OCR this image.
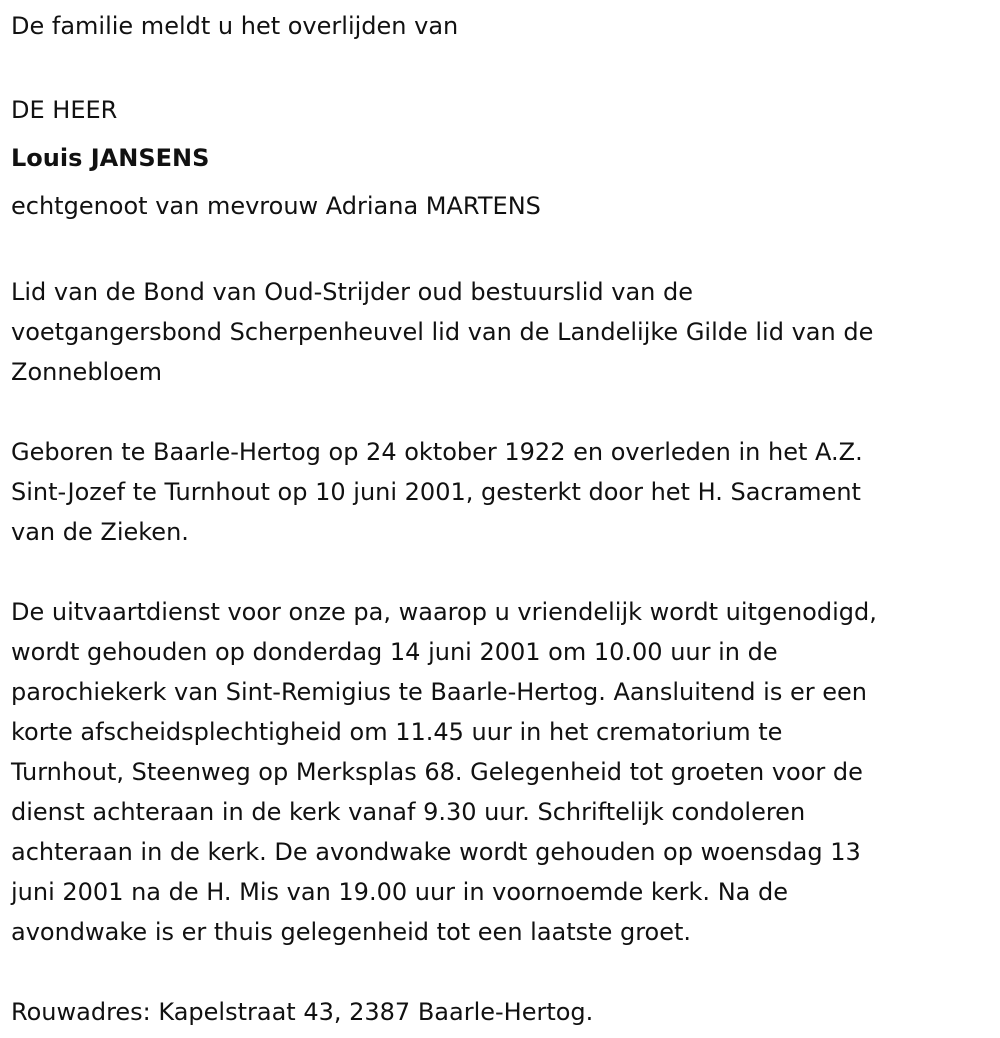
De familie meldt u het overlijden van

DE HEER

Louis JANSENS

echtgenoot van mevrouw Adriana MARTENS

Lid van de Bond van Oud-Strijder oud bestuurslid van de

voetgangersbond Scherpenheuvel lid van de Landelijke Gilde lid van de

Zonnebloem

Geboren te Baarle-Hertog op 24 oktober 1922 en overleden in het A.Z.

Sint-Jozef te Turnhout op 10 juni 2001, gesterkt door het H. Sacrament

van de Zieken.

De uitvaartdienst voor onze pa, waarop u vriendelijk wordt uitgenodigd,

wordt gehouden op donderdag 14 juni 2001 om 10.00 uur in de

parochiekerk van Sint-Remigius te Baarle-Hertog. Aansluitend is er een

korte afscheidsplechtigheid om 11.45 uur in het crematorium te

Turnhout, Steenweg op Merksplas 68. Gelegenheid tot groeten voor de

dienst achteraan in de kerk vanaf 9.30 uur. Schriftelijk condoleren

achteraan in de kerk. De avondwake wordt gehouden op woensdag 13

juni 2001 na de H. Mis van 19.00 uur in voornoemde kerk. Na de

avondwake is er thuis gelegenheid tot een laatste groet.

Rouwadres: Kapelstraat 43, 2387 Baarle-Hertog.
